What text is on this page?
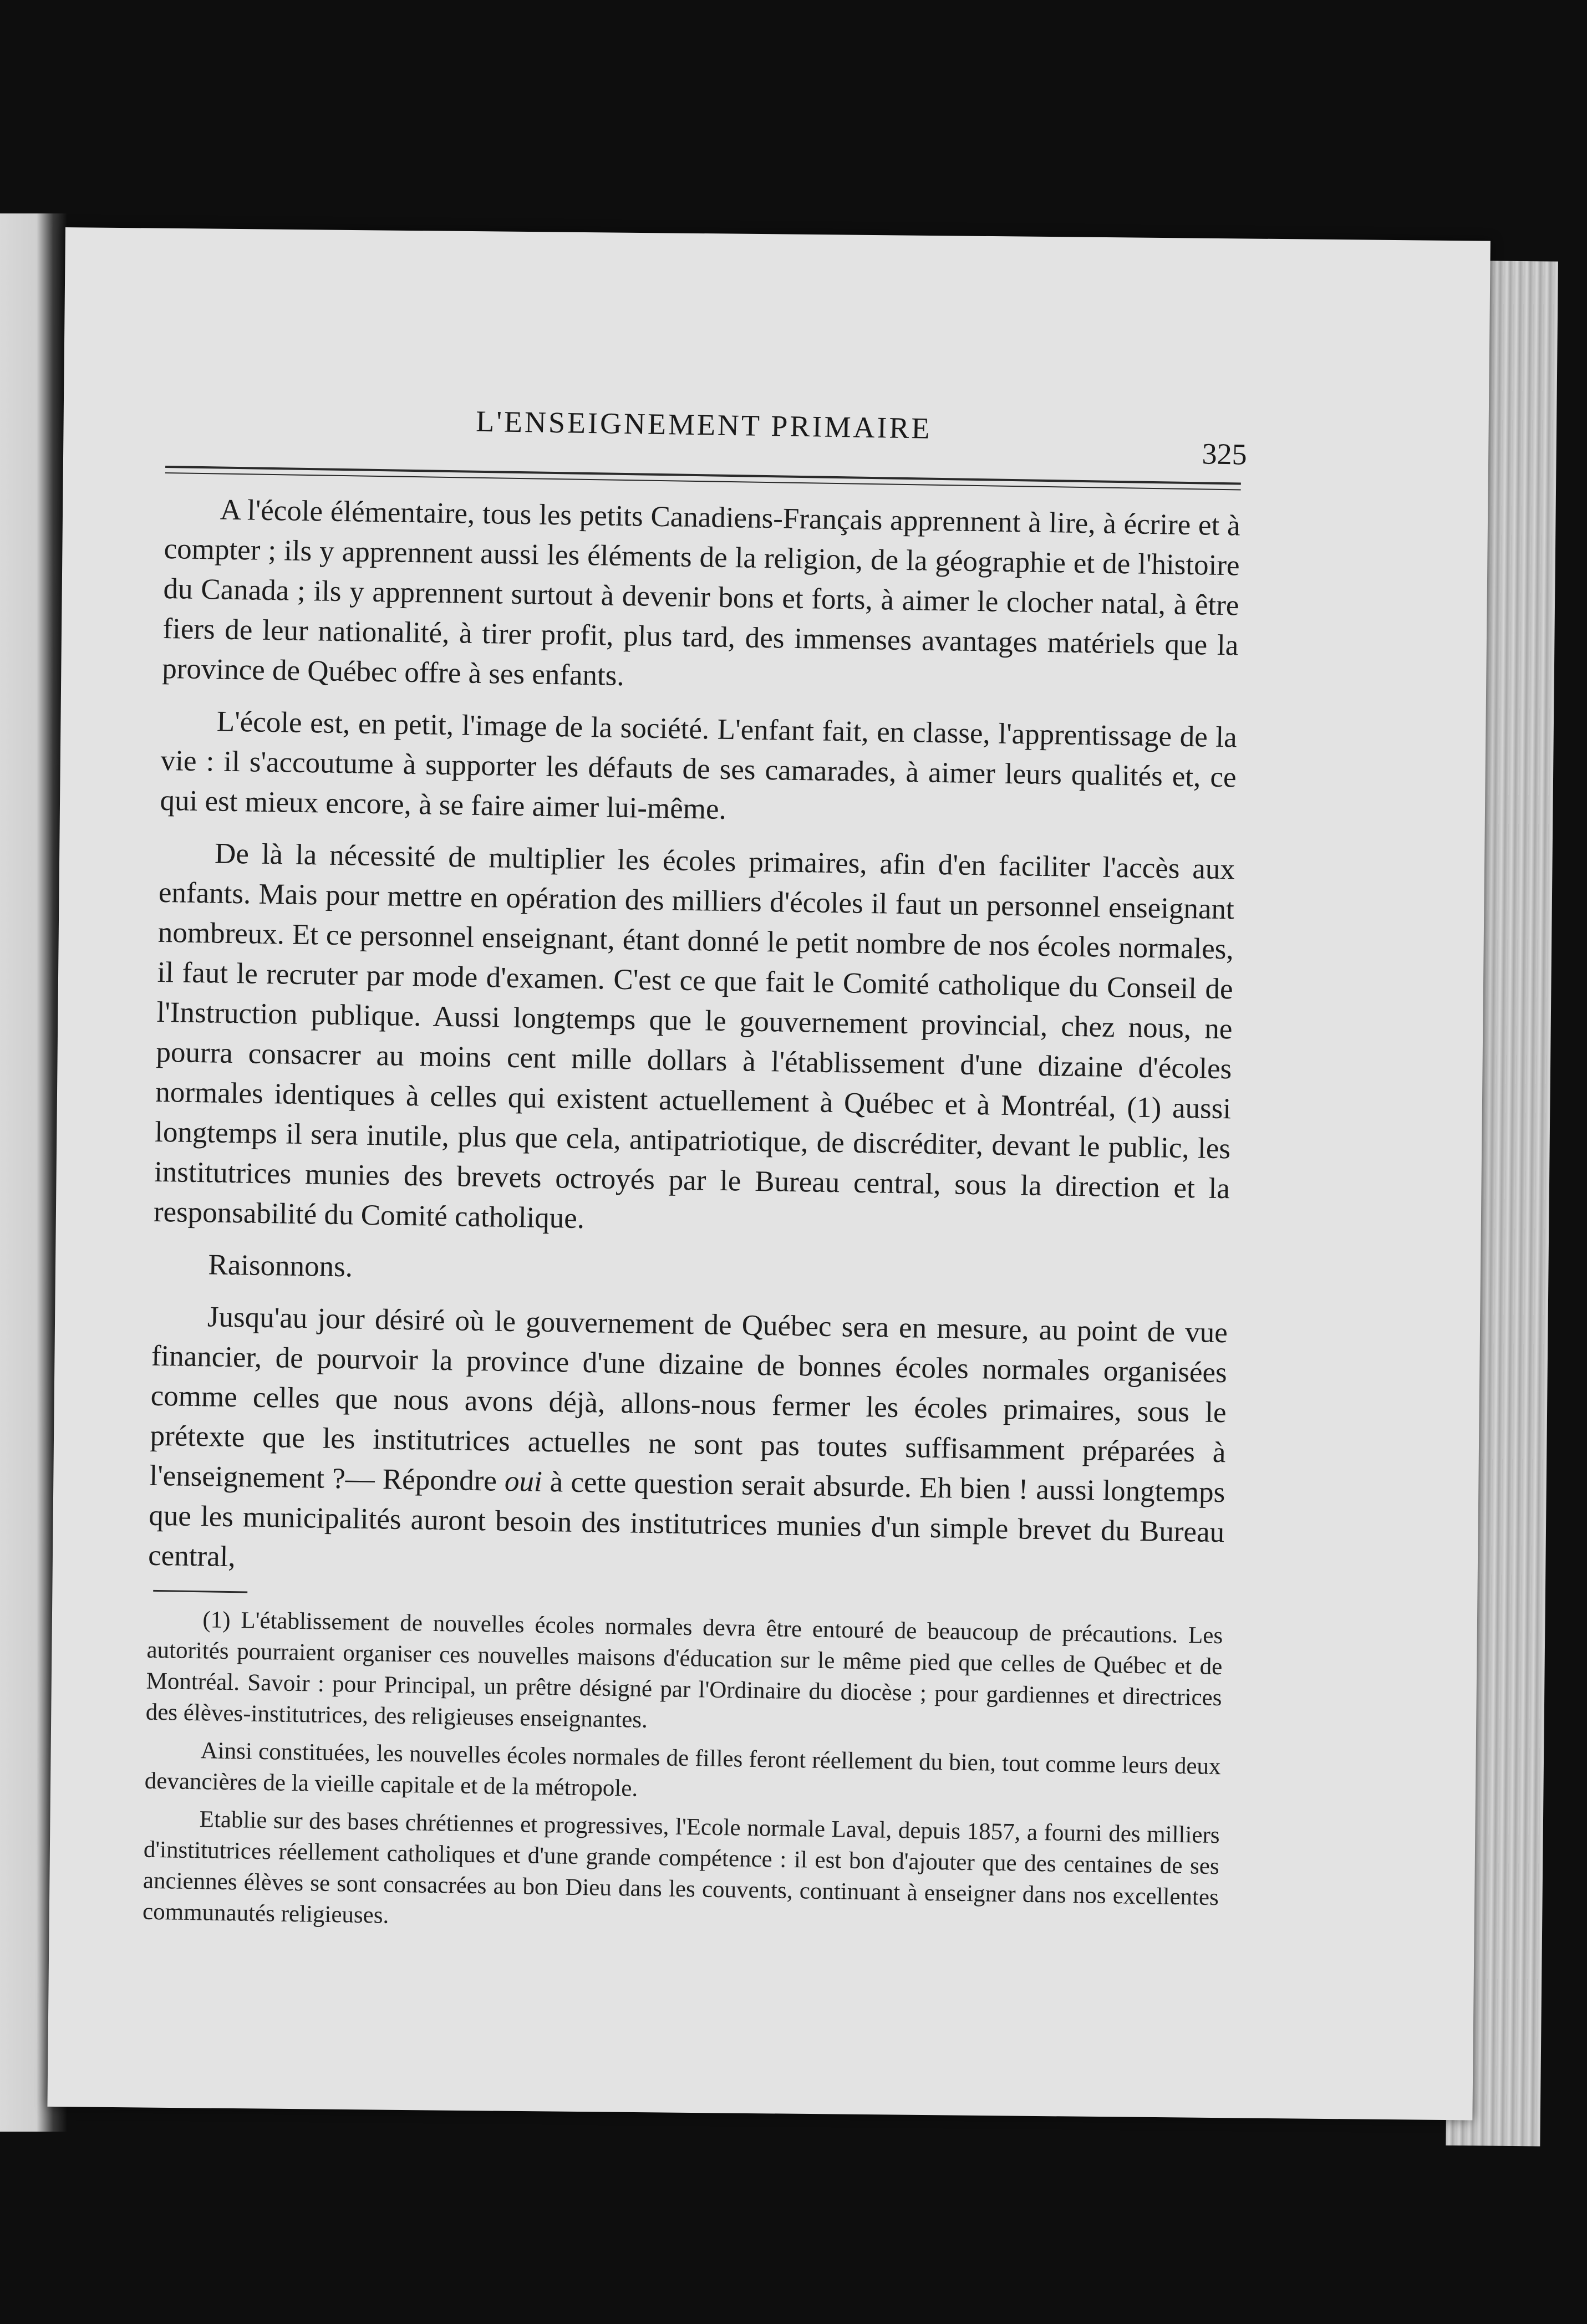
L'ENSEIGNEMENT PRIMAIRE
325

A l'école élémentaire, tous les petits Canadiens-Français apprennent à lire, à écrire et à compter ; ils y apprennent aussi les éléments de la religion, de la géographie et de l'histoire du Canada ; ils y apprennent surtout à devenir bons et forts, à aimer le clocher natal, à être fiers de leur nationalité, à tirer profit, plus tard, des immenses avantages matériels que la province de Québec offre à ses enfants.

L'école est, en petit, l'image de la société. L'enfant fait, en classe, l'apprentissage de la vie : il s'accoutume à supporter les défauts de ses camarades, à aimer leurs qualités et, ce qui est mieux encore, à se faire aimer lui-même.

De là la nécessité de multiplier les écoles primaires, afin d'en faciliter l'accès aux enfants. Mais pour mettre en opération des milliers d'écoles il faut un personnel enseignant nombreux. Et ce personnel enseignant, étant donné le petit nombre de nos écoles normales, il faut le recruter par mode d'examen. C'est ce que fait le Comité catholique du Conseil de l'Instruction publique. Aussi longtemps que le gouvernement provincial, chez nous, ne pourra consacrer au moins cent mille dollars à l'établissement d'une dizaine d'écoles normales identiques à celles qui existent actuellement à Québec et à Montréal, (1) aussi longtemps il sera inutile, plus que cela, antipatriotique, de discréditer, devant le public, les institutrices munies des brevets octroyés par le Bureau central, sous la direction et la responsabilité du Comité catholique.

Raisonnons.

Jusqu'au jour désiré où le gouvernement de Québec sera en mesure, au point de vue financier, de pourvoir la province d'une dizaine de bonnes écoles normales organisées comme celles que nous avons déjà, allons-nous fermer les écoles primaires, sous le prétexte que les institutrices actuelles ne sont pas toutes suffisamment préparées à l'enseignement ?— Répondre oui à cette question serait absurde. Eh bien ! aussi longtemps que les municipalités auront besoin des institutrices munies d'un simple brevet du Bureau central,

(1) L'établissement de nouvelles écoles normales devra être entouré de beaucoup de précautions. Les autorités pourraient organiser ces nouvelles maisons d'éducation sur le même pied que celles de Québec et de Montréal. Savoir : pour Principal, un prêtre désigné par l'Ordinaire du diocèse ; pour gardiennes et directrices des élèves-institutrices, des religieuses enseignantes.

Ainsi constituées, les nouvelles écoles normales de filles feront réellement du bien, tout comme leurs deux devancières de la vieille capitale et de la métropole.

Etablie sur des bases chrétiennes et progressives, l'Ecole normale Laval, depuis 1857, a fourni des milliers d'institutrices réellement catholiques et d'une grande compétence : il est bon d'ajouter que des centaines de ses anciennes élèves se sont consacrées au bon Dieu dans les couvents, continuant à enseigner dans nos excellentes communautés religieuses.
